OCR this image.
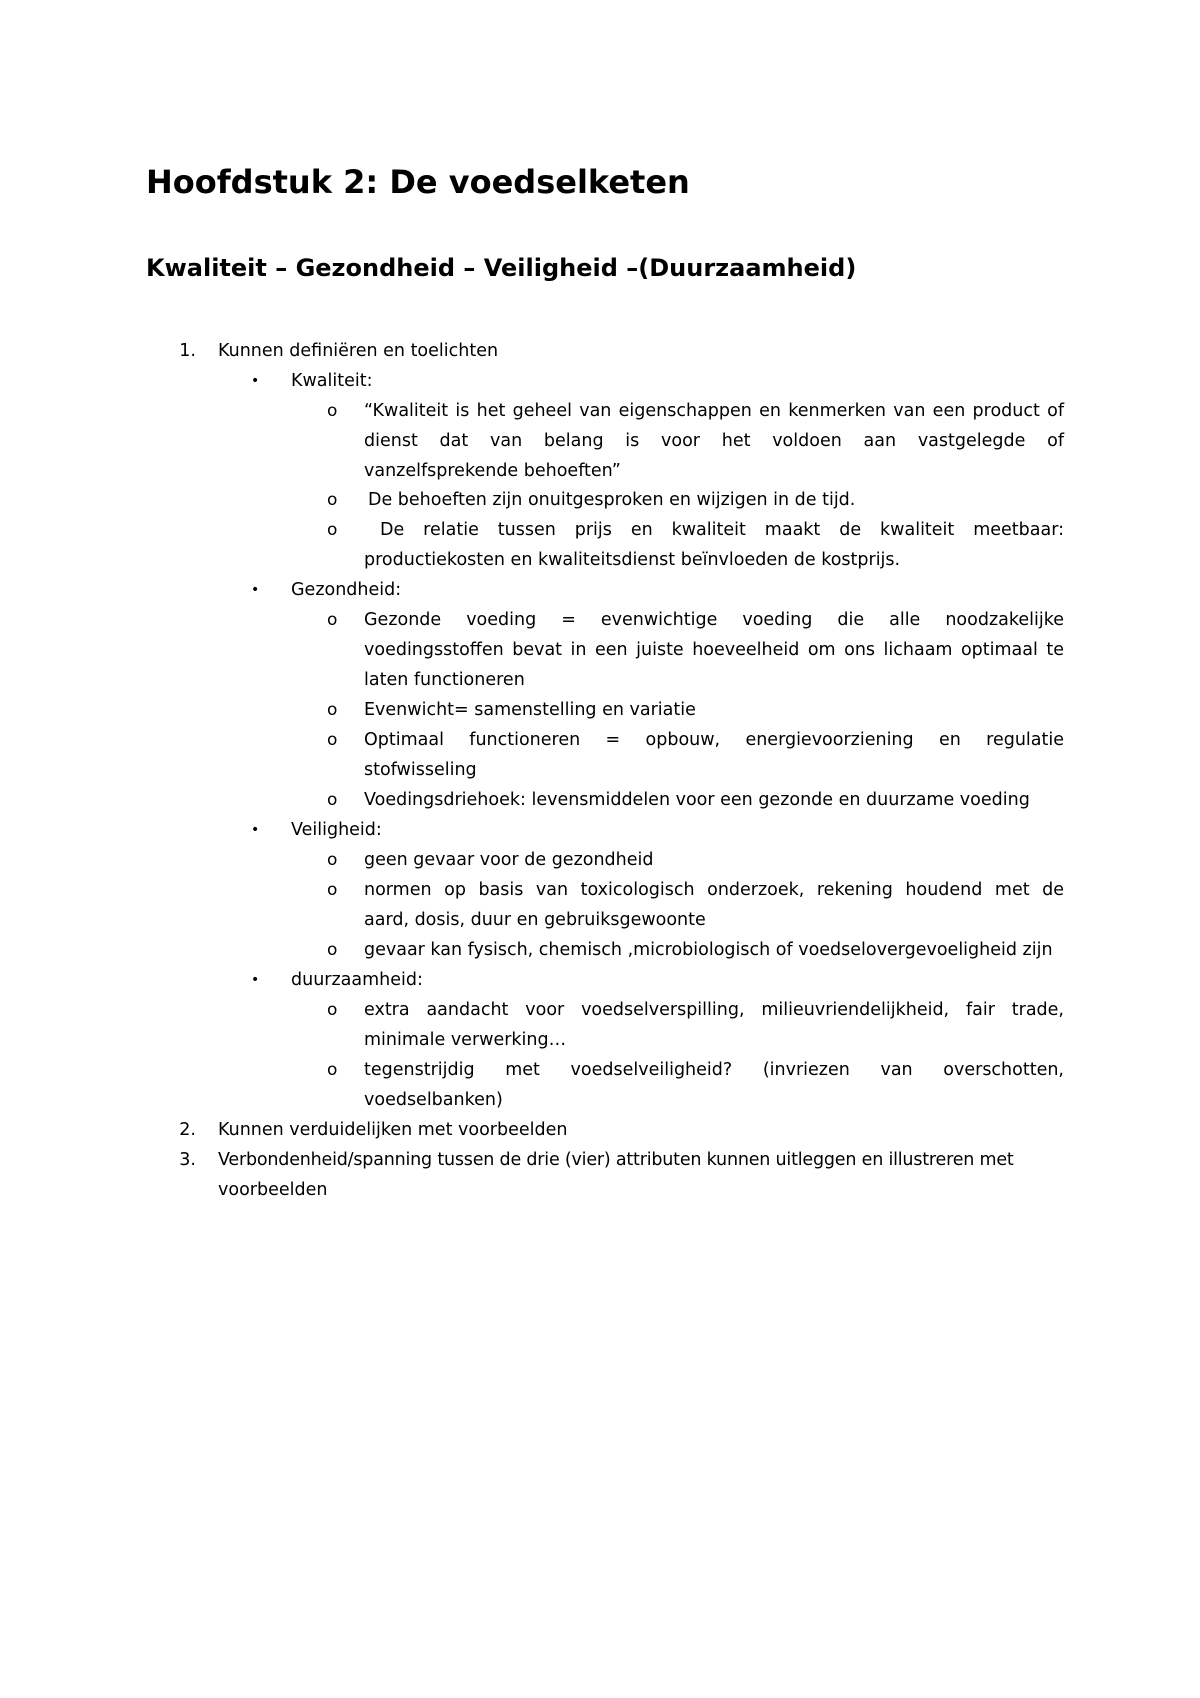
Hoofdstuk 2: De voedselketen
Kwaliteit – Gezondheid – Veiligheid –(Duurzaamheid)
1. Kunnen definiëren en toelichten
• Kwaliteit:
o “Kwaliteit is het geheel van eigenschappen en kenmerken van een product of
dienst dat van belang is voor het voldoen aan vastgelegde of
vanzelfsprekende behoeften”
o De behoeften zijn onuitgesproken en wijzigen in de tijd.
o De relatie tussen prijs en kwaliteit maakt de kwaliteit meetbaar:
productiekosten en kwaliteitsdienst beïnvloeden de kostprijs.
• Gezondheid:
o Gezonde voeding = evenwichtige voeding die alle noodzakelijke
voedingsstoffen bevat in een juiste hoeveelheid om ons lichaam optimaal te
laten functioneren
o Evenwicht= samenstelling en variatie
o Optimaal functioneren = opbouw, energievoorziening en regulatie
stofwisseling
o Voedingsdriehoek: levensmiddelen voor een gezonde en duurzame voeding
• Veiligheid:
o geen gevaar voor de gezondheid
o normen op basis van toxicologisch onderzoek, rekening houdend met de
aard, dosis, duur en gebruiksgewoonte
o gevaar kan fysisch, chemisch ,microbiologisch of voedselovergevoeligheid zijn
• duurzaamheid:
o extra aandacht voor voedselverspilling, milieuvriendelijkheid, fair trade,
minimale verwerking…
o tegenstrijdig met voedselveiligheid? (invriezen van overschotten,
voedselbanken)
2. Kunnen verduidelijken met voorbeelden
3. Verbondenheid/spanning tussen de drie (vier) attributen kunnen uitleggen en illustreren met
voorbeelden
